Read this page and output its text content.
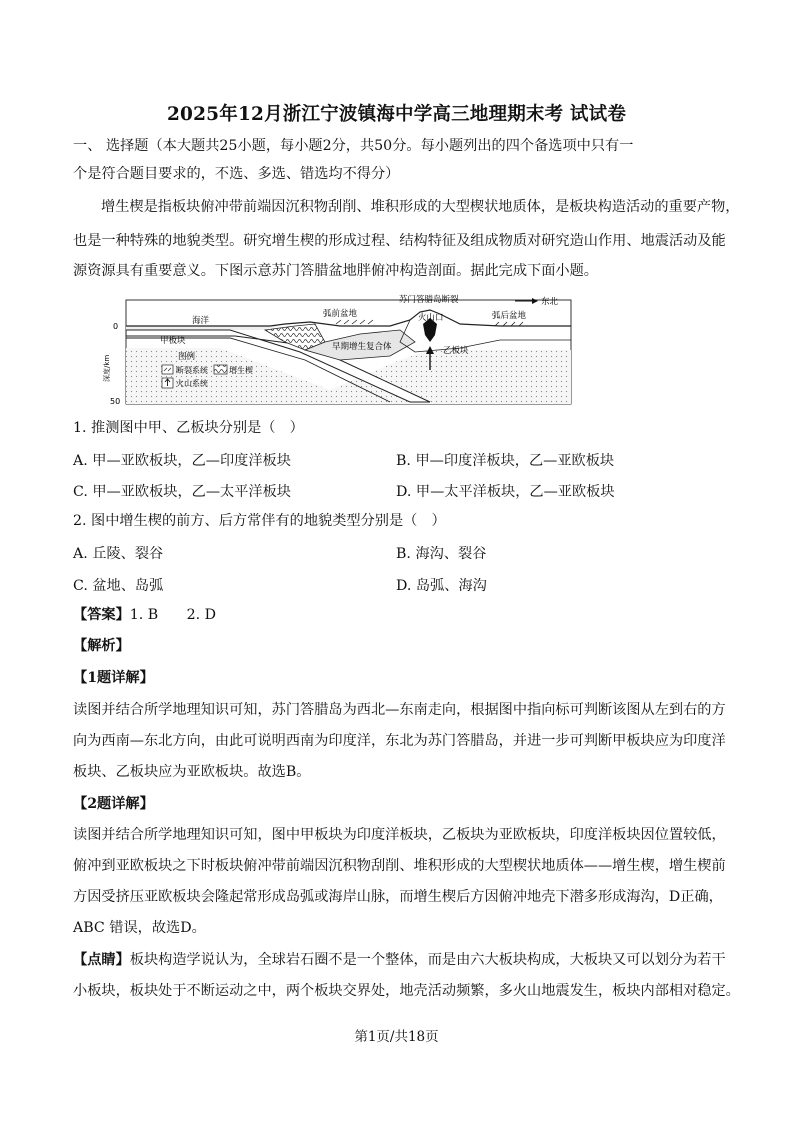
2025年12月浙江宁波镇海中学高三地理期末考 试试卷
一、 选择题（本大题共25小题，每小题2分，共50分。每小题列出的四个备选项中只有一
个是符合题目要求的，不选、多选、错选均不得分）
增生楔是指板块俯冲带前端因沉积物刮削、堆积形成的大型楔状地质体，是板块构造活动的重要产物，
也是一种特殊的地貌类型。研究增生楔的形成过程、结构特征及组成物质对研究造山作用、地震活动及能
源资源具有重要意义。下图示意苏门答腊盆地胖俯冲构造剖面。据此完成下面小题。
图例
断裂系统	增生楔
火山系统
0
50
深度/km
海洋
甲板块
弧前盆地
苏门答腊岛断裂
火山口	弧后盆地
东北
早期增生复合体	乙板块
1. 推测图中甲、乙板块分别是（　）
A. 甲—亚欧板块，乙—印度洋板块	B. 甲—印度洋板块，乙—亚欧板块
C. 甲—亚欧板块，乙—太平洋板块	D. 甲—太平洋板块，乙—亚欧板块
2. 图中增生楔的前方、后方常伴有的地貌类型分别是（　）
A. 丘陵、裂谷	B. 海沟、裂谷
C. 盆地、岛弧	D. 岛弧、海沟
【答案】1. B　　2. D
【解析】
【1题详解】
读图并结合所学地理知识可知，苏门答腊岛为西北—东南走向，根据图中指向标可判断该图从左到右的方
向为西南—东北方向，由此可说明西南为印度洋，东北为苏门答腊岛，并进一步可判断甲板块应为印度洋
板块、乙板块应为亚欧板块。故选B。
【2题详解】
读图并结合所学地理知识可知，图中甲板块为印度洋板块，乙板块为亚欧板块，印度洋板块因位置较低，
俯冲到亚欧板块之下时板块俯冲带前端因沉积物刮削、堆积形成的大型楔状地质体——增生楔，增生楔前
方因受挤压亚欧板块会隆起常形成岛弧或海岸山脉，而增生楔后方因俯冲地壳下潜多形成海沟，D正确，
ABC 错误，故选D。
【点睛】板块构造学说认为，全球岩石圈不是一个整体，而是由六大板块构成，大板块又可以划分为若干
小板块，板块处于不断运动之中，两个板块交界处，地壳活动频繁，多火山地震发生，板块内部相对稳定。
第1页/共18页
